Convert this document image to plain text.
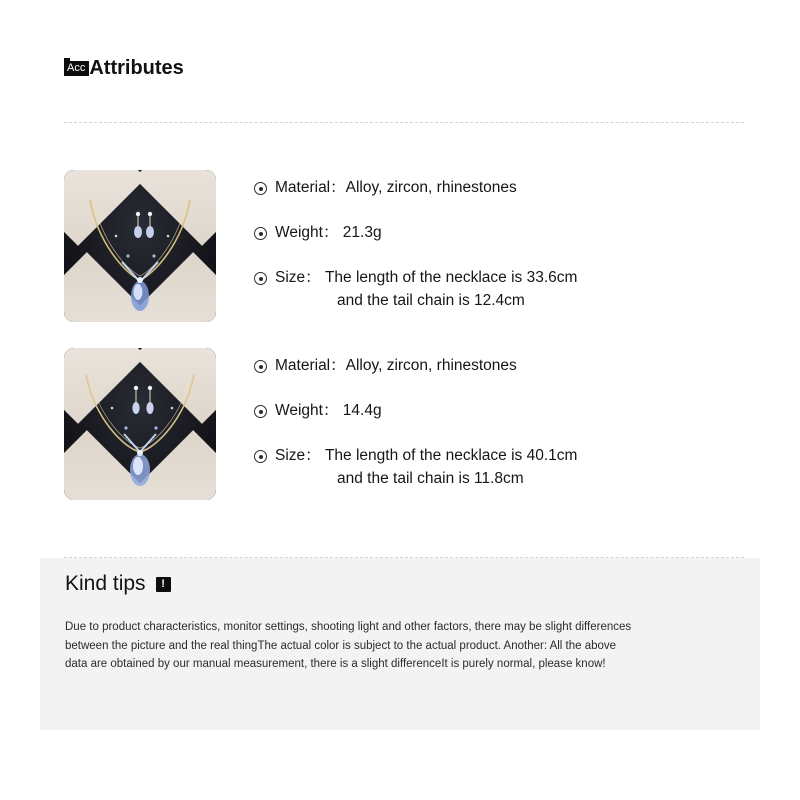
Acc Attributes
Material：Alloy, zircon, rhinestones
Weight： 21.3g
Size： The length of the necklace is 33.6cm
and the tail chain is 12.4cm
Material：Alloy, zircon, rhinestones
Weight： 14.4g
Size： The length of the necklace is 40.1cm
and the tail chain is 11.8cm
Kind tips	!
Due to product characteristics, monitor settings, shooting light and other factors, there may be slight differences between the picture and the real thingThe actual color is subject to the actual product. Another: All the above data are obtained by our manual measurement, there is a slight differenceIt is purely normal, please know!
